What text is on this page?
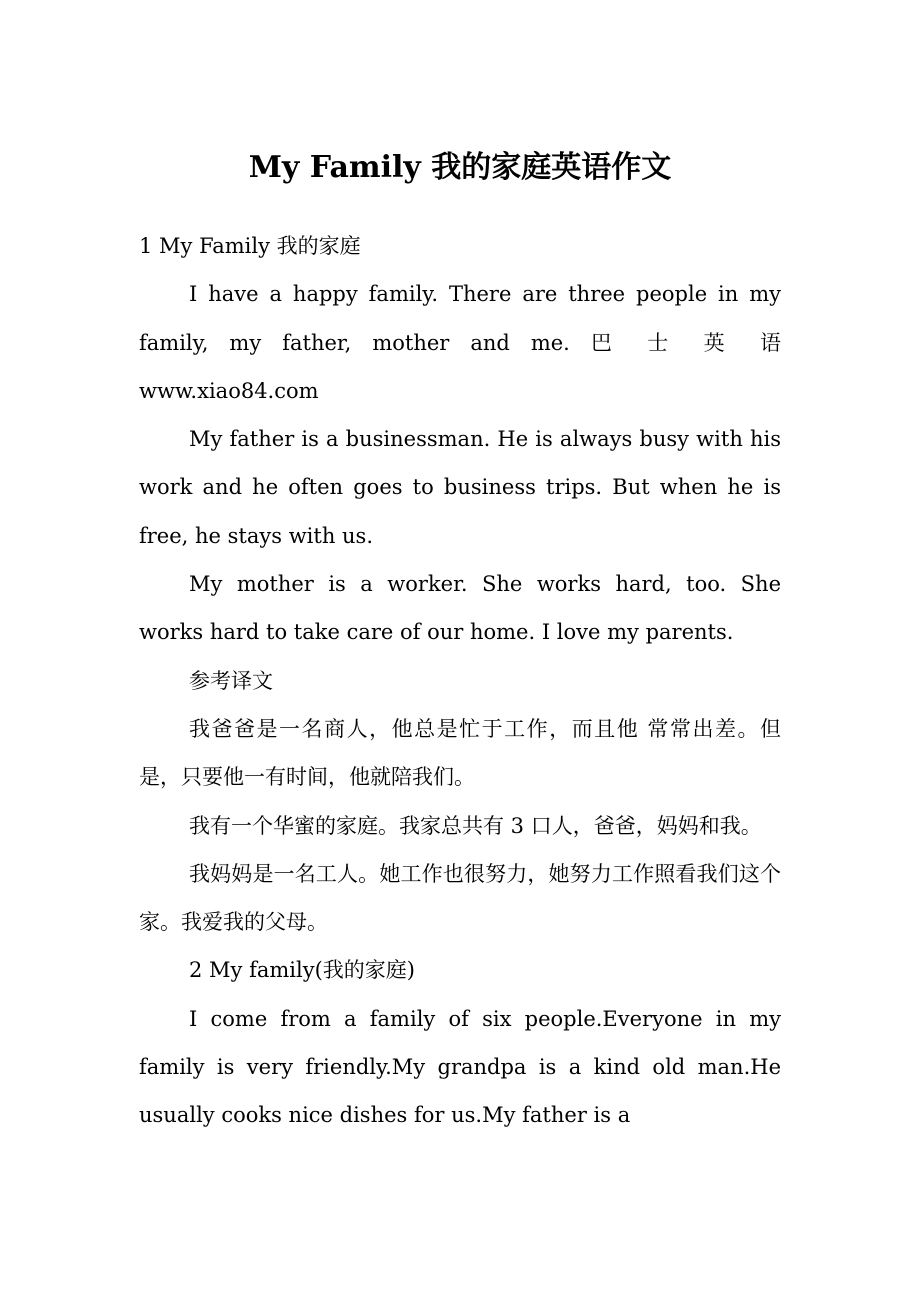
My Family 我的家庭英语作文

1 My Family 我的家庭

I have a happy family. There are three people in my family, my father, mother and me. 巴 士 英 语 www.xiao84.com

My father is a businessman. He is always busy with his work and he often goes to business trips. But when he is free, he stays with us.

My mother is a worker. She works hard, too. She works hard to take care of our home. I love my parents.

参考译文

我爸爸是一名商人，他总是忙于工作，而且他 常常出差。但是，只要他一有时间，他就陪我们。

我有一个华蜜的家庭。我家总共有 3 口人，爸爸，妈妈和我。

我妈妈是一名工人。她工作也很努力，她努力工作照看我们这个家。我爱我的父母。

2 My family(我的家庭)

I come from a family of six people.Everyone in my family is very friendly.My grandpa is a kind old man.He usually cooks nice dishes for us.My father is a
